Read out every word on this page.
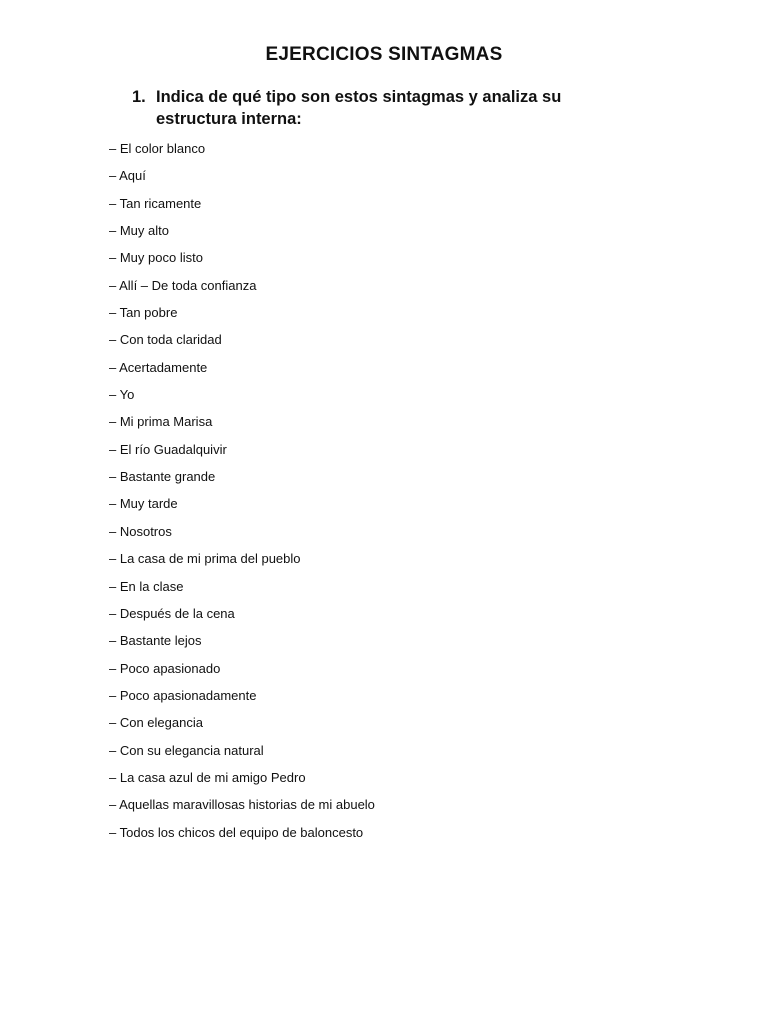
EJERCICIOS SINTAGMAS
1. Indica de qué tipo son estos sintagmas y analiza su estructura interna:
– El color blanco
– Aquí
– Tan ricamente
– Muy alto
– Muy poco listo
– Allí – De toda confianza
– Tan pobre
– Con toda claridad
– Acertadamente
– Yo
– Mi prima Marisa
– El río Guadalquivir
– Bastante grande
– Muy tarde
– Nosotros
– La casa de mi prima del pueblo
– En la clase
– Después de la cena
– Bastante lejos
– Poco apasionado
– Poco apasionadamente
– Con elegancia
– Con su elegancia natural
– La casa azul de mi amigo Pedro
– Aquellas maravillosas historias de mi abuelo
– Todos los chicos del equipo de baloncesto
